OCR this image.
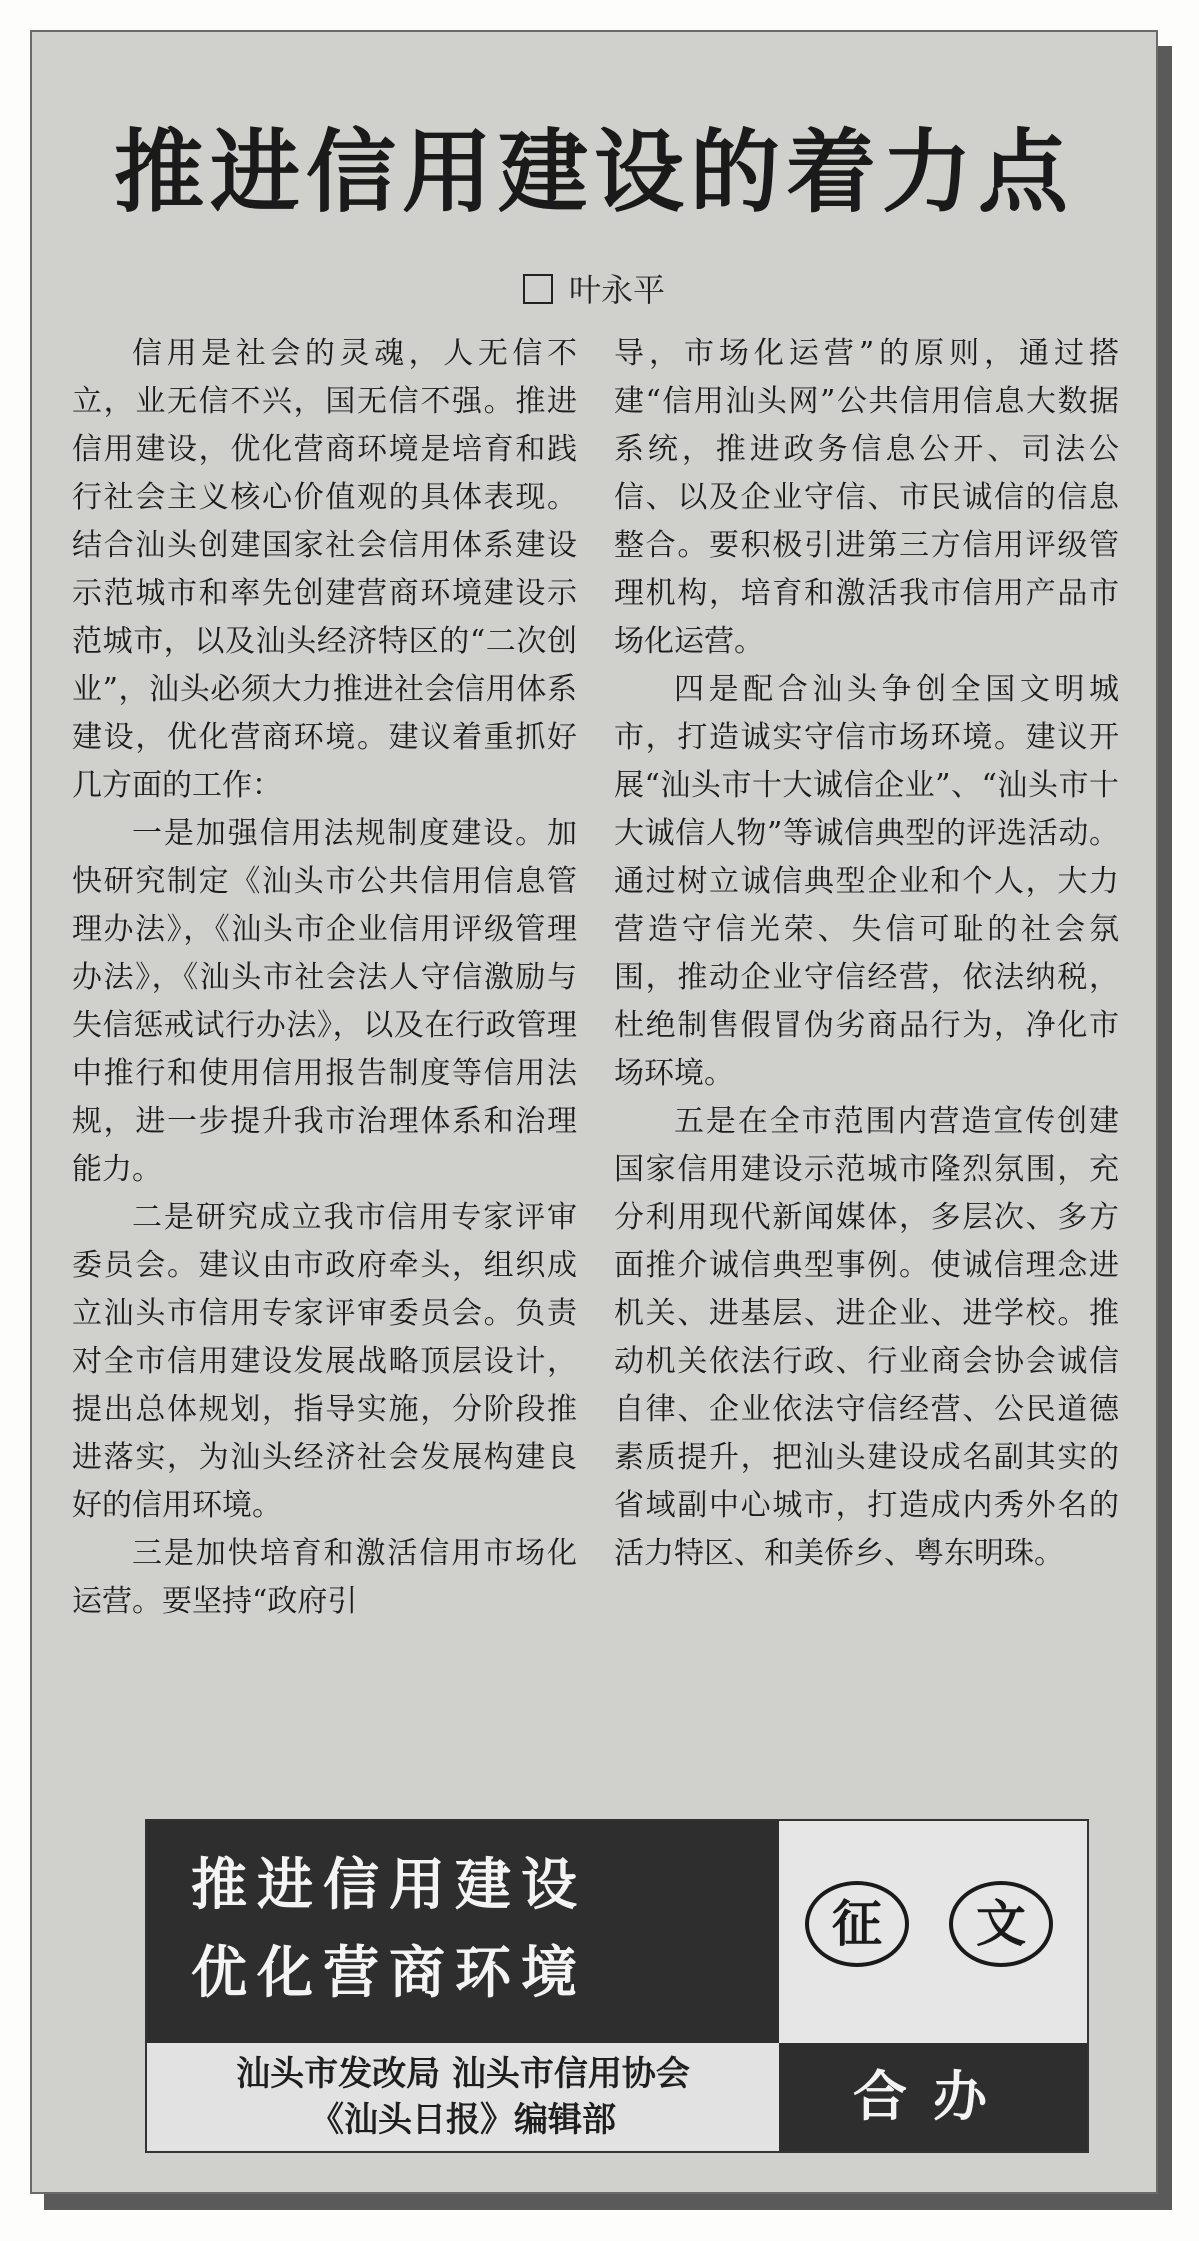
推进信用建设的着力点
叶永平

信用是社会的灵魂，人无信不立，业无信不兴，国无信不强。推进信用建设，优化营商环境是培育和践行社会主义核心价值观的具体表现。结合汕头创建国家社会信用体系建设示范城市和率先创建营商环境建设示范城市，以及汕头经济特区的“二次创业”，汕头必须大力推进社会信用体系建设，优化营商环境。建议着重抓好几方面的工作：

一是加强信用法规制度建设。加快研究制定《汕头市公共信用信息管理办法》，《汕头市企业信用评级管理办法》，《汕头市社会法人守信激励与失信惩戒试行办法》，以及在行政管理中推行和使用信用报告制度等信用法规，进一步提升我市治理体系和治理能力。

二是研究成立我市信用专家评审委员会。建议由市政府牵头，组织成立汕头市信用专家评审委员会。负责对全市信用建设发展战略顶层设计，提出总体规划，指导实施，分阶段推进落实，为汕头经济社会发展构建良好的信用环境。

三是加快培育和激活信用市场化运营。要坚持“政府引

导，市场化运营”的原则，通过搭建“信用汕头网”公共信用信息大数据系统，推进政务信息公开、司法公信、以及企业守信、市民诚信的信息整合。要积极引进第三方信用评级管理机构，培育和激活我市信用产品市场化运营。

四是配合汕头争创全国文明城市，打造诚实守信市场环境。建议开展“汕头市十大诚信企业”、“汕头市十大诚信人物”等诚信典型的评选活动。通过树立诚信典型企业和个人，大力营造守信光荣、失信可耻的社会氛围，推动企业守信经营，依法纳税，杜绝制售假冒伪劣商品行为，净化市场环境。

五是在全市范围内营造宣传创建国家信用建设示范城市隆烈氛围，充分利用现代新闻媒体，多层次、多方面推介诚信典型事例。使诚信理念进机关、进基层、进企业、进学校。推动机关依法行政、行业商会协会诚信自律、企业依法守信经营、公民道德素质提升，把汕头建设成名副其实的省域副中心城市，打造成内秀外名的活力特区、和美侨乡、粤东明珠。

推进信用建设
优化营商环境
征	文
汕头市发改局 汕头市信用协会
《汕头日报》编辑部	合办
